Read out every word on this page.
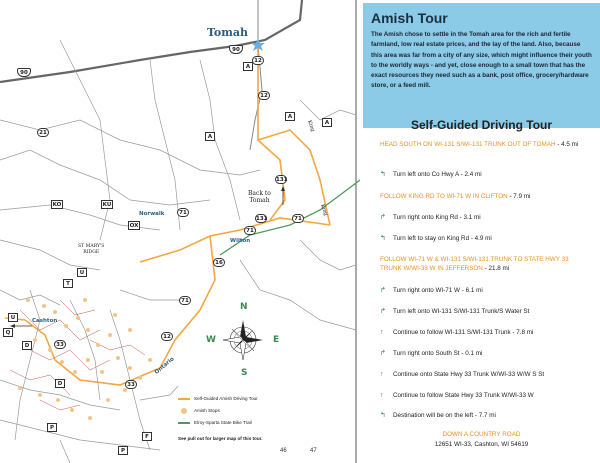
Tomah
Back to
Tomah
ST MARY'S
RIDGE
Norwalk
Wilton
Ontario
Cashton
King
King
90
90
12
12
A
A
A
A
21
131
71
71
71
131
16
71
U
U
T
D
P
P
F
D
33
Q
KO	KU
OX
33
12
N
S
E
W
Self-Guided Amish Driving Tour
Amish Stops
Elroy-Sparta State Bike Trail
See pull out for larger map of this tour.
46	47
Amish Tour
The Amish chose to settle in the Tomah area for the rich and fertile farmland, low real estate prices, and the lay of the land. Also, because this area was far from a city of any size, which might influence their youth to the worldly ways - and yet, close enough to a small town that has the exact resources they need such as a bank, post office, grocery/hardware store, or a feed mill.
Self-Guided Driving Tour
HEAD SOUTH ON WI-131 S/WI-131 TRUNK OUT OF TOMAH - 4.5 mi
↰	Turn left onto Co Hwy A - 2.4 mi
FOLLOW KING RD TO WI-71 W IN CLIFTON - 7.9 mi
↱	Turn right onto King Rd - 3.1 mi
↰	Turn left to stay on King Rd - 4.9 mi
FOLLOW WI-71 W & WI-131 S/WI-131 TRUNK TO STATE HWY 33 TRUNK W/WI-33 W IN JEFFERSON - 21.8 mi
↱	Turn right onto WI-71 W - 6.1 mi
↱	Turn left onto WI-131 S/WI-131 Trunk/S Water St
↑	Continue to follow WI-131 S/WI-131 Trunk - 7.8 mi
↱	Turn right onto South St - 0.1 mi
↑	Continue onto State Hwy 33 Trunk W/WI-33 W/W S St
↑	Continue to follow State Hwy 33 Trunk W/WI-33 W
↰	Destination will be on the left - 7.7 mi
DOWN A COUNTRY ROAD
12651 WI-33, Cashton, WI 54619
